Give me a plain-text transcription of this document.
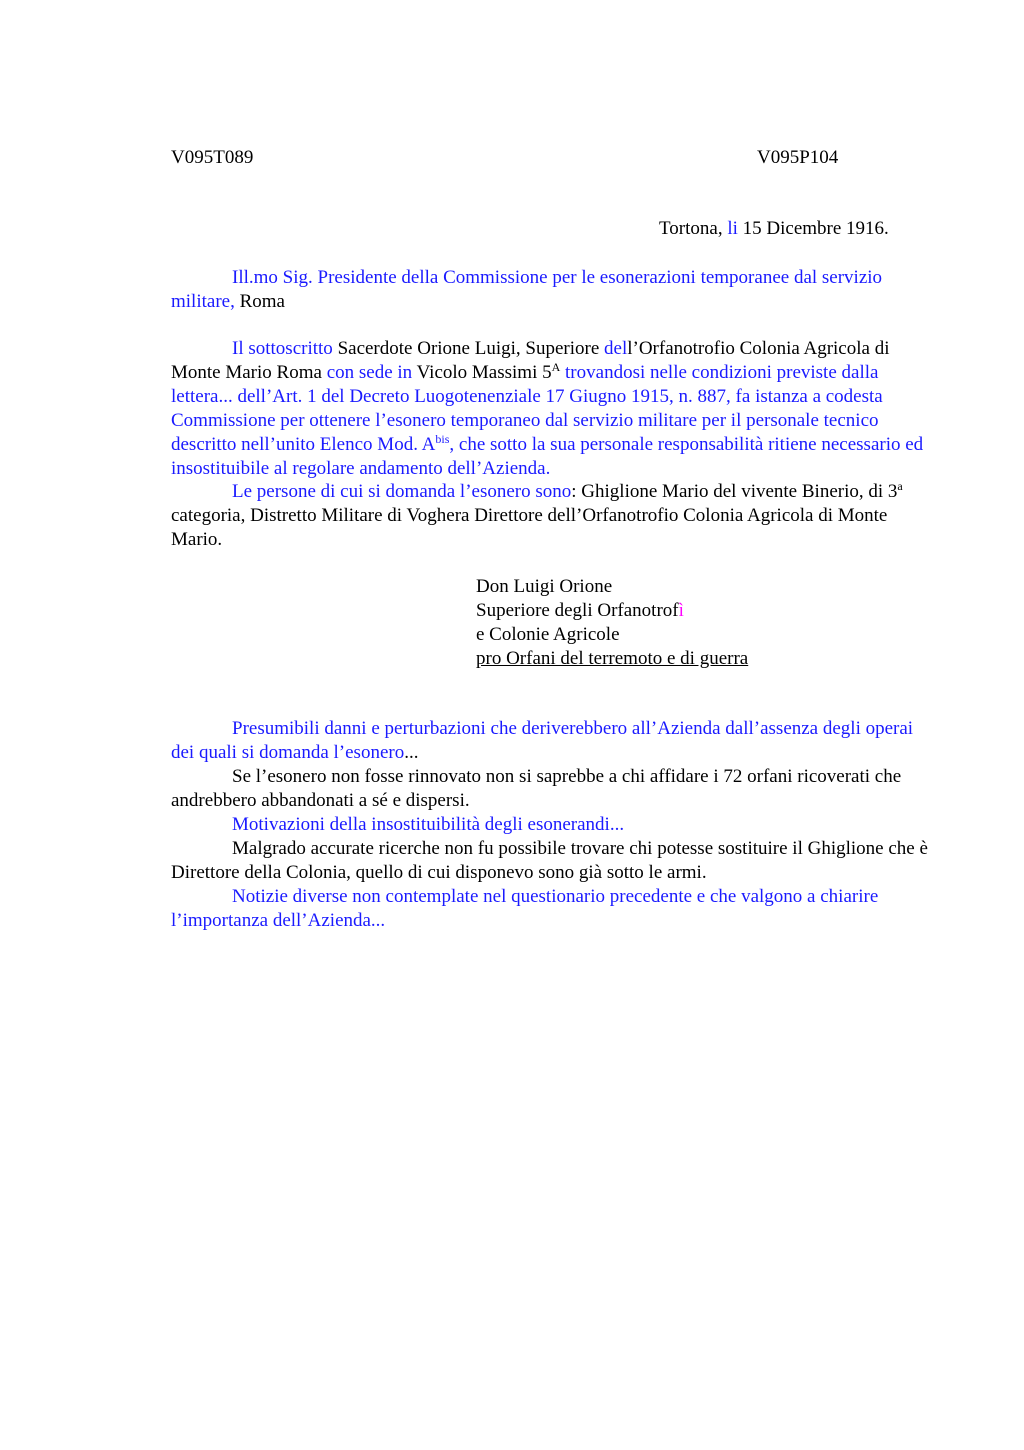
V095T089	V095P104

Tortona, li 15 Dicembre 1916.

Ill.mo Sig. Presidente della Commissione per le esonerazioni temporanee dal servizio militare, Roma

Il sottoscritto Sacerdote Orione Luigi, Superiore dell’Orfanotrofio Colonia Agricola di Monte Mario Roma con sede in Vicolo Massimi $5^A$ trovandosi nelle condizioni previste dalla lettera... dell’Art. 1 del Decreto Luogotenenziale 17 Giugno 1915, n. 887, fa istanza a codesta Commissione per ottenere l’esonero temporaneo dal servizio militare per il personale tecnico descritto nell’unito Elenco Mod. $A^{bis}$, che sotto la sua personale responsabilità ritiene necessario ed insostituibile al regolare andamento dell’Azienda.

Le persone di cui si domanda l’esonero sono: Ghiglione Mario del vivente Binerio, di 3$^a$ categoria, Distretto Militare di Voghera Direttore dell’Orfanotrofio Colonia Agricola di Monte Mario.

Don Luigi Orione
Superiore degli Orfanotrofì
e Colonie Agricole
pro Orfani del terremoto e di guerra

Presumibili danni e perturbazioni che deriverebbero all’Azienda dall’assenza degli operai dei quali si domanda l’esonero...

Se l’esonero non fosse rinnovato non si saprebbe a chi affidare i 72 orfani ricoverati che andrebbero abbandonati a sé e dispersi.

Motivazioni della insostituibilità degli esonerandi...

Malgrado accurate ricerche non fu possibile trovare chi potesse sostituire il Ghiglione che è Direttore della Colonia, quello di cui disponevo sono già sotto le armi.

Notizie diverse non contemplate nel questionario precedente e che valgono a chiarire l’importanza dell’Azienda...
